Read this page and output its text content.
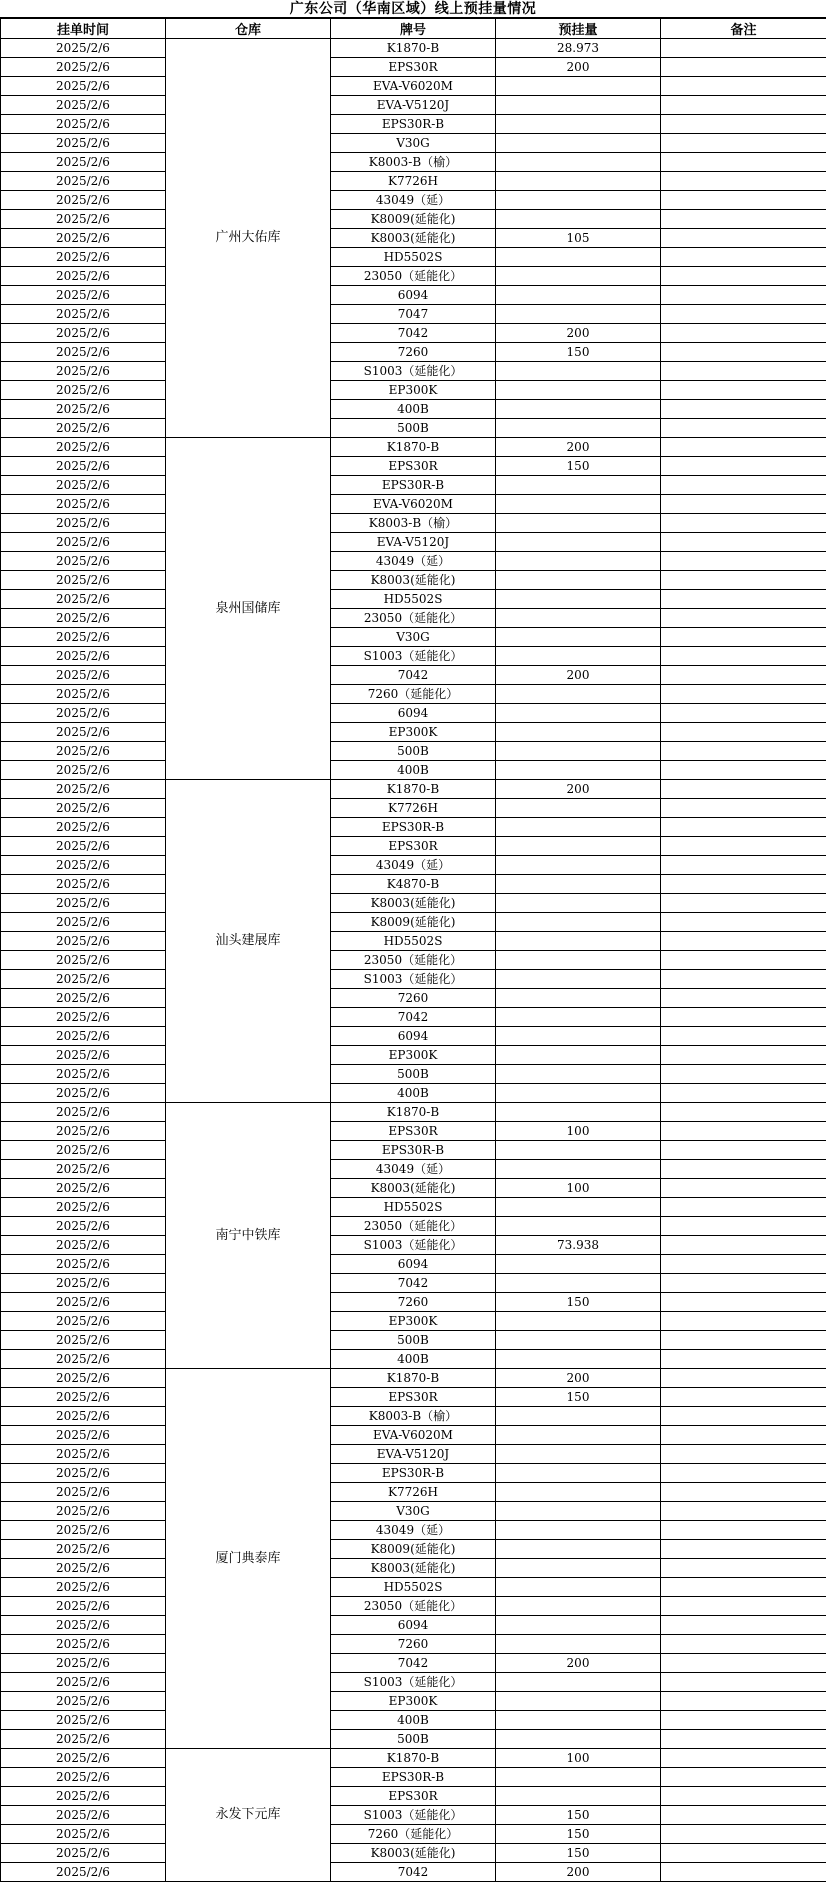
广东公司（华南区域）线上预挂量情况
挂单时间	仓库	牌号	预挂量	备注
2025/2/6	广州大佑库	K1870-B	28.973	
2025/2/6		EPS30R	200	
2025/2/6		EVA-V6020M		
2025/2/6		EVA-V5120J		
2025/2/6		EPS30R-B		
2025/2/6		V30G		
2025/2/6		K8003-B（榆）		
2025/2/6		K7726H		
2025/2/6		43049（延）		
2025/2/6		K8009(延能化)		
2025/2/6		K8003(延能化)	105	
2025/2/6		HD5502S		
2025/2/6		23050（延能化）		
2025/2/6		6094		
2025/2/6		7047		
2025/2/6		7042	200	
2025/2/6		7260	150	
2025/2/6		S1003（延能化）		
2025/2/6		EP300K		
2025/2/6		400B		
2025/2/6		500B		
2025/2/6	泉州国储库	K1870-B	200	
2025/2/6		EPS30R	150	
2025/2/6		EPS30R-B		
2025/2/6		EVA-V6020M		
2025/2/6		K8003-B（榆）		
2025/2/6		EVA-V5120J		
2025/2/6		43049（延）		
2025/2/6		K8003(延能化)		
2025/2/6		HD5502S		
2025/2/6		23050（延能化）		
2025/2/6		V30G		
2025/2/6		S1003（延能化）		
2025/2/6		7042	200	
2025/2/6		7260（延能化）		
2025/2/6		6094		
2025/2/6		EP300K		
2025/2/6		500B		
2025/2/6		400B		
2025/2/6	汕头建展库	K1870-B	200	
2025/2/6		K7726H		
2025/2/6		EPS30R-B		
2025/2/6		EPS30R		
2025/2/6		43049（延）		
2025/2/6		K4870-B		
2025/2/6		K8003(延能化)		
2025/2/6		K8009(延能化)		
2025/2/6		HD5502S		
2025/2/6		23050（延能化）		
2025/2/6		S1003（延能化）		
2025/2/6		7260		
2025/2/6		7042		
2025/2/6		6094		
2025/2/6		EP300K		
2025/2/6		500B		
2025/2/6		400B		
2025/2/6	南宁中铁库	K1870-B		
2025/2/6		EPS30R	100	
2025/2/6		EPS30R-B		
2025/2/6		43049（延）		
2025/2/6		K8003(延能化)	100	
2025/2/6		HD5502S		
2025/2/6		23050（延能化）		
2025/2/6		S1003（延能化）	73.938	
2025/2/6		6094		
2025/2/6		7042		
2025/2/6		7260	150	
2025/2/6		EP300K		
2025/2/6		500B		
2025/2/6		400B		
2025/2/6	厦门典泰库	K1870-B	200	
2025/2/6		EPS30R	150	
2025/2/6		K8003-B（榆）		
2025/2/6		EVA-V6020M		
2025/2/6		EVA-V5120J		
2025/2/6		EPS30R-B		
2025/2/6		K7726H		
2025/2/6		V30G		
2025/2/6		43049（延）		
2025/2/6		K8009(延能化)		
2025/2/6		K8003(延能化)		
2025/2/6		HD5502S		
2025/2/6		23050（延能化）		
2025/2/6		6094		
2025/2/6		7260		
2025/2/6		7042	200	
2025/2/6		S1003（延能化）		
2025/2/6		EP300K		
2025/2/6		400B		
2025/2/6		500B		
2025/2/6	永发下元库	K1870-B	100	
2025/2/6		EPS30R-B		
2025/2/6		EPS30R		
2025/2/6		S1003（延能化）	150	
2025/2/6		7260（延能化）	150	
2025/2/6		K8003(延能化)	150	
2025/2/6		7042	200	
